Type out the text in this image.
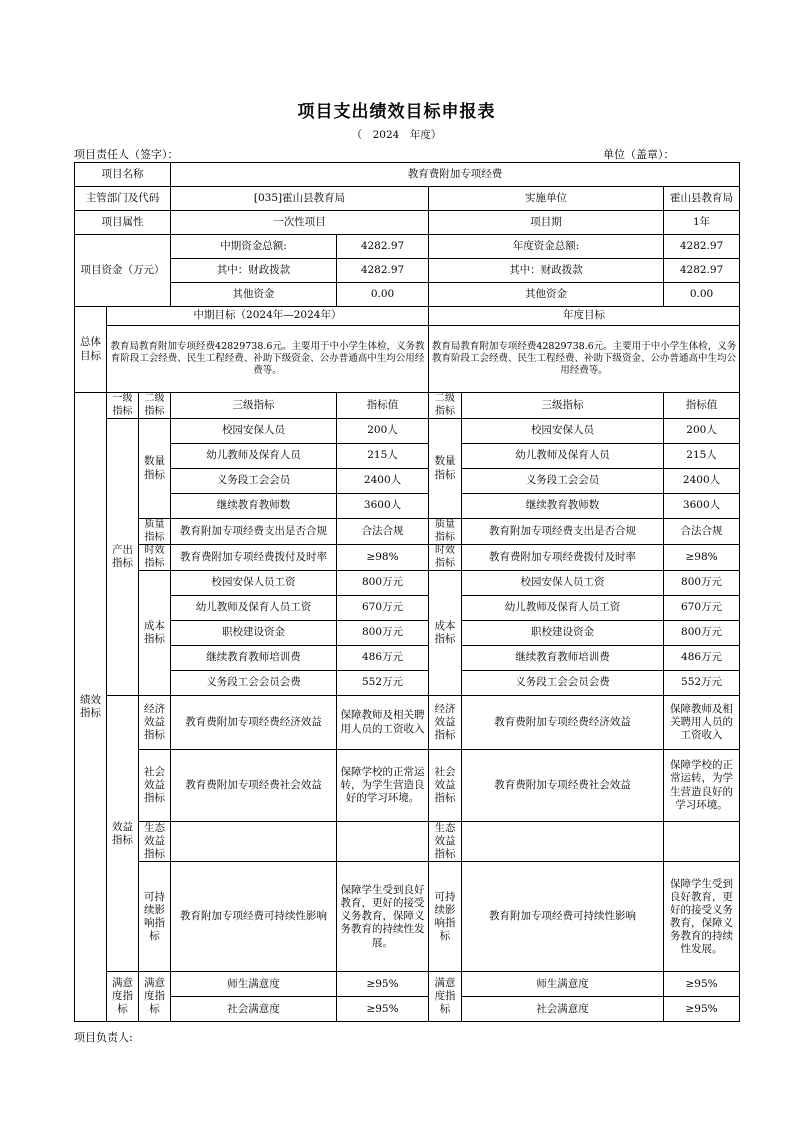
项目支出绩效目标申报表
（　2024　年度）
项目责任人（签字）：	单位（盖章）：
项目名称			教育费附加专项经费				
主管部门及代码			[035]霍山县教育局		实施单位		霍山县教育局
项目属性			一次性项目		项目期		1年
项目资金（万元）			中期资金总额:	4282.97	年度资金总额:		4282.97
			其中：财政拨款	4282.97	其中：财政拨款		4282.97
			其他资金	0.00	其他资金		0.00
总体目标	中期目标（2024年—2024年）				年度目标		
	教育局教育附加专项经费42829738.6元。主要用于中小学生体检，义务教育阶段工会经费、民生工程经费、补助下级资金、公办普通高中生均公用经费等。				教育局教育附加专项经费42829738.6元。主要用于中小学生体检，义务教育阶段工会经费、民生工程经费、补助下级资金、公办普通高中生均公用经费等。		
绩效指标	一级指标	二级指标	三级指标	指标值	二级指标	三级指标	指标值
	产出指标	数量指标	校园安保人员	200人	数量指标	校园安保人员	200人
			幼儿教师及保育人员	215人		幼儿教师及保育人员	215人
			义务段工会会员	2400人		义务段工会会员	2400人
			继续教育教师数	3600人		继续教育教师数	3600人
		质量指标	教育附加专项经费支出是否合规	合法合规	质量指标	教育附加专项经费支出是否合规	合法合规
		时效指标	教育费附加专项经费拨付及时率	≥98%	时效指标	教育费附加专项经费拨付及时率	≥98%
		成本指标	校园安保人员工资	800万元	成本指标	校园安保人员工资	800万元
			幼儿教师及保育人员工资	670万元		幼儿教师及保育人员工资	670万元
			职校建设资金	800万元		职校建设资金	800万元
			继续教育教师培训费	486万元		继续教育教师培训费	486万元
			义务段工会会员会费	552万元		义务段工会会员会费	552万元
	效益指标	经济效益指标	教育费附加专项经费经济效益	保障教师及相关聘用人员的工资收入	经济效益指标	教育费附加专项经费经济效益	保障教师及相关聘用人员的工资收入
		社会效益指标	教育费附加专项经费社会效益	保障学校的正常运转，为学生营造良好的学习环境。	社会效益指标	教育费附加专项经费社会效益	保障学校的正常运转，为学生营造良好的学习环境。
		生态效益指标			生态效益指标		
		可持续影响指标	教育附加专项经费可持续性影响	保障学生受到良好教育，更好的接受义务教育，保障义务教育的持续性发展。	可持续影响指标	教育附加专项经费可持续性影响	保障学生受到良好教育，更好的接受义务教育，保障义务教育的持续性发展。
	满意度指标	满意度指标	师生满意度	≥95%	满意度指标	师生满意度	≥95%
			社会满意度	≥95%		社会满意度	≥95%
项目负责人:
